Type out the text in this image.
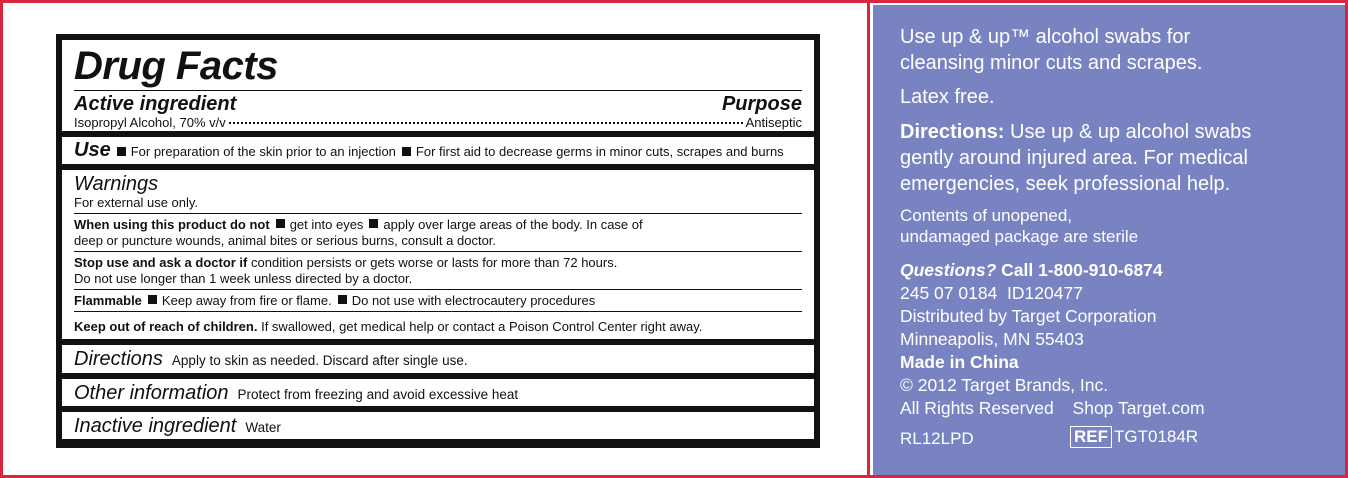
Drug Facts
Active ingredient	Purpose
Isopropyl Alcohol, 70% v/v	Antiseptic
Use For preparation of the skin prior to an injection For first aid to decrease germs in minor cuts, scrapes and burns
Warnings
For external use only.
When using this product do not get into eyes apply over large areas of the body. In case of
deep or puncture wounds, animal bites or serious burns, consult a doctor.
Stop use and ask a doctor if condition persists or gets worse or lasts for more than 72 hours.
Do not use longer than 1 week unless directed by a doctor.
Flammable Keep away from fire or flame. Do not use with electrocautery procedures
Keep out of reach of children. If swallowed, get medical help or contact a Poison Control Center right away.
Directions Apply to skin as needed. Discard after single use.
Other information Protect from freezing and avoid excessive heat
Inactive ingredient Water
Use up & up™ alcohol swabs for
cleansing minor cuts and scrapes.
Latex free.
Directions: Use up & up alcohol swabs
gently around injured area. For medical
emergencies, seek professional help.
Contents of unopened,
undamaged package are sterile
Questions? Call 1-800-910-6874
245 07 0184  ID120477
Distributed by Target Corporation
Minneapolis, MN 55403
Made in China
© 2012 Target Brands, Inc.
All Rights Reserved Shop Target.com
RL12LPD	REF TGT0184R
